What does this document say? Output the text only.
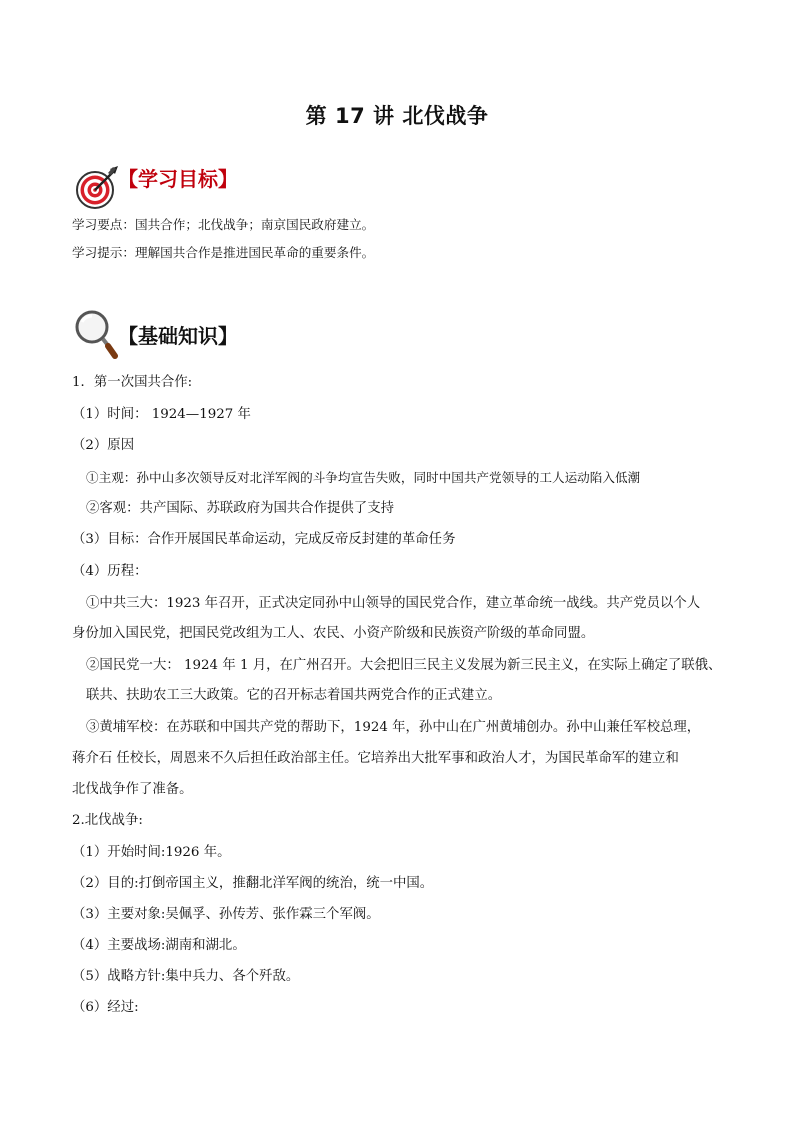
第 17 讲 北伐战争
【学习目标】
学习要点：国共合作；北伐战争；南京国民政府建立。
学习提示：理解国共合作是推进国民革命的重要条件。
【基础知识】
1．第一次国共合作:
（1）时间： 1924—1927 年
（2）原因
①主观：孙中山多次领导反对北洋军阀的斗争均宣告失败，同时中国共产党领导的工人运动陷入低潮
②客观：共产国际、苏联政府为国共合作提供了支持
（3）目标：合作开展国民革命运动，完成反帝反封建的革命任务
（4）历程：
①中共三大：1923 年召开，正式决定同孙中山领导的国民党合作，建立革命统一战线。共产党员以个人
身份加入国民党，把国民党改组为工人、农民、小资产阶级和民族资产阶级的革命同盟。
②国民党一大： 1924 年 1 月，在广州召开。大会把旧三民主义发展为新三民主义，在实际上确定了联俄、
联共、扶助农工三大政策。它的召开标志着国共两党合作的正式建立。
③黄埔军校：在苏联和中国共产党的帮助下，1924 年，孙中山在广州黄埔创办。孙中山兼任军校总理，
蒋介石 任校长，周恩来不久后担任政治部主任。它培养出大批军事和政治人才，为国民革命军的建立和
北伐战争作了准备。
2.北伐战争:
（1）开始时间:1926 年。
（2）目的:打倒帝国主义，推翻北洋军阀的统治，统一中国。
（3）主要对象:吴佩孚、孙传芳、张作霖三个军阀。
（4）主要战场:湖南和湖北。
（5）战略方针:集中兵力、各个歼敌。
（6）经过:
